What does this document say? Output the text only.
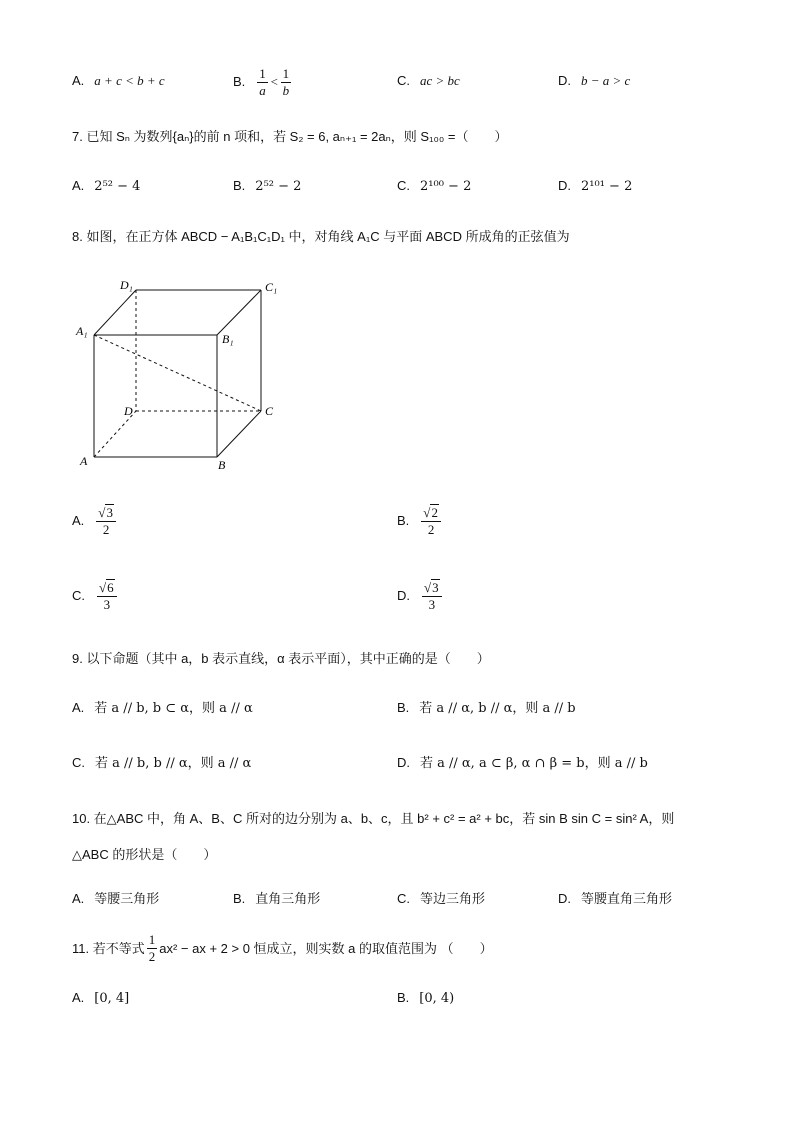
A. a + c < b + c	B. $\frac{1}{a} < \frac{1}{b}$	C. ac > bc	D. b − a > c
7. 已知 Sₙ 为数列{aₙ}的前 n 项和，若 S₂ = 6, aₙ₊₁ = 2aₙ，则 S₁₀₀ =（　　）
A. 2⁵² − 4	B. 2⁵² − 2	C. 2¹⁰⁰ − 2	D. 2¹⁰¹ − 2
8. 如图，在正方体 ABCD − A₁B₁C₁D₁ 中，对角线 A₁C 与平面 ABCD 所成角的正弦值为
D₁	C₁
A₁
B₁
D	C
A	B
A. $\frac{√3}{2}$	B. $\frac{√2}{2}$
C. $\frac{√6}{3}$	D. $\frac{√3}{3}$
9. 以下命题（其中 a，b 表示直线，α 表示平面），其中正确的是（　　）
A. 若 a // b, b ⊂ α，则 a // α	B. 若 a // α, b // α，则 a // b
C. 若 a // b, b // α，则 a // α	D. 若 a // α, a ⊂ β, α ∩ β = b，则 a // b
10. 在△ABC 中，角 A、B、C 所对的边分别为 a、b、c，且 b² + c² = a² + bc，若 sin B sin C = sin² A，则
△ABC 的形状是（　　）
A. 等腰三角形	B. 直角三角形	C. 等边三角形	D. 等腰直角三角形
11. 若不等式 $\frac{1}{2} ax^2$ − ax + 2 > 0 恒成立，则实数 a 的取值范围为 （　　）
A. [0, 4]	B. [0, 4)
